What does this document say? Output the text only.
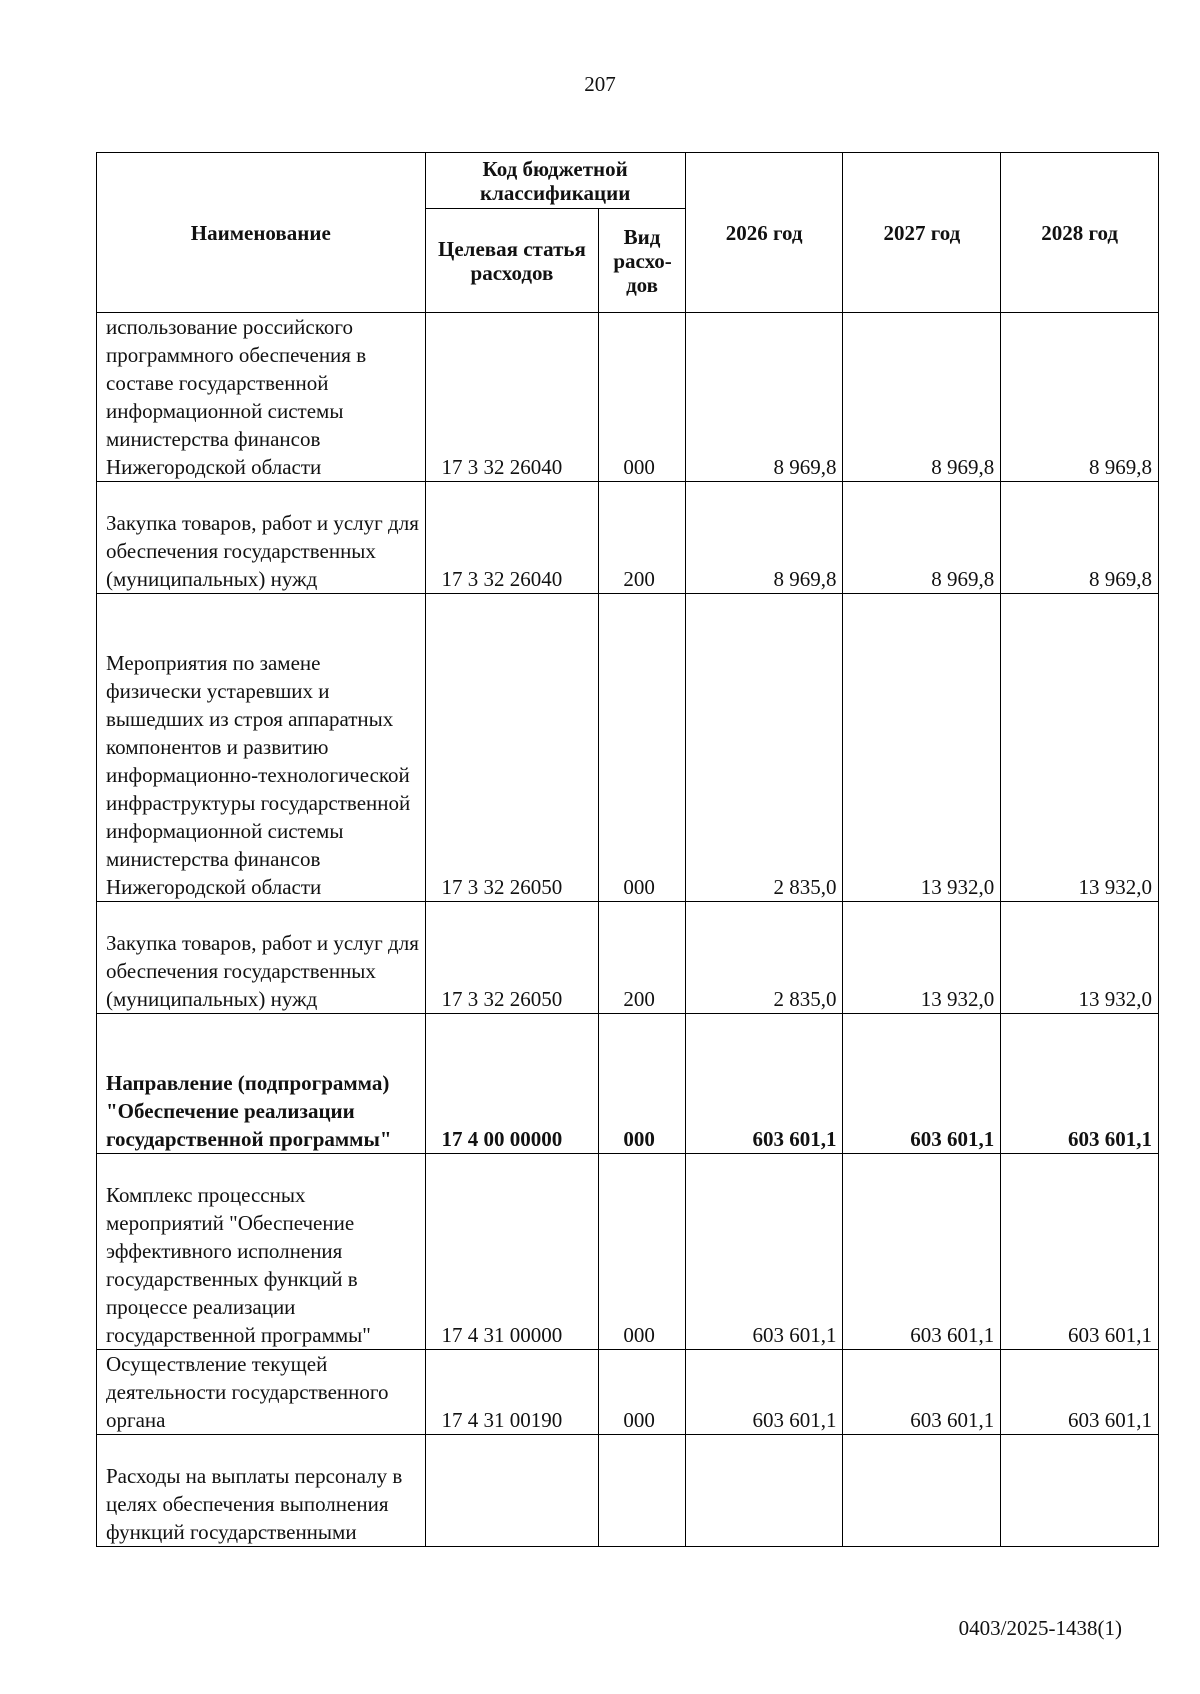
207
Наименование	Код бюджетной классификации		2026 год	2027 год	2028 год
	Целевая статья расходов	Вид расхо-дов			
использование российского программного обеспечения в составе государственной информационной системы министерства финансов Нижегородской области	17 3 32 26040	000	8 969,8	8 969,8	8 969,8
Закупка товаров, работ и услуг для обеспечения государственных (муниципальных) нужд	17 3 32 26040	200	8 969,8	8 969,8	8 969,8
Мероприятия по замене физически устаревших и вышедших из строя аппаратных компонентов и развитию информационно-технологической инфраструктуры государственной информационной системы министерства финансов Нижегородской области	17 3 32 26050	000	2 835,0	13 932,0	13 932,0
Закупка товаров, работ и услуг для обеспечения государственных (муниципальных) нужд	17 3 32 26050	200	2 835,0	13 932,0	13 932,0
Направление (подпрограмма) "Обеспечение реализации государственной программы"	17 4 00 00000	000	603 601,1	603 601,1	603 601,1
Комплекс процессных мероприятий "Обеспечение эффективного исполнения государственных функций в процессе реализации государственной программы"	17 4 31 00000	000	603 601,1	603 601,1	603 601,1
Осуществление текущей деятельности государственного органа	17 4 31 00190	000	603 601,1	603 601,1	603 601,1
Расходы на выплаты персоналу в целях обеспечения выполнения функций государственными					
0403/2025-1438(1)
